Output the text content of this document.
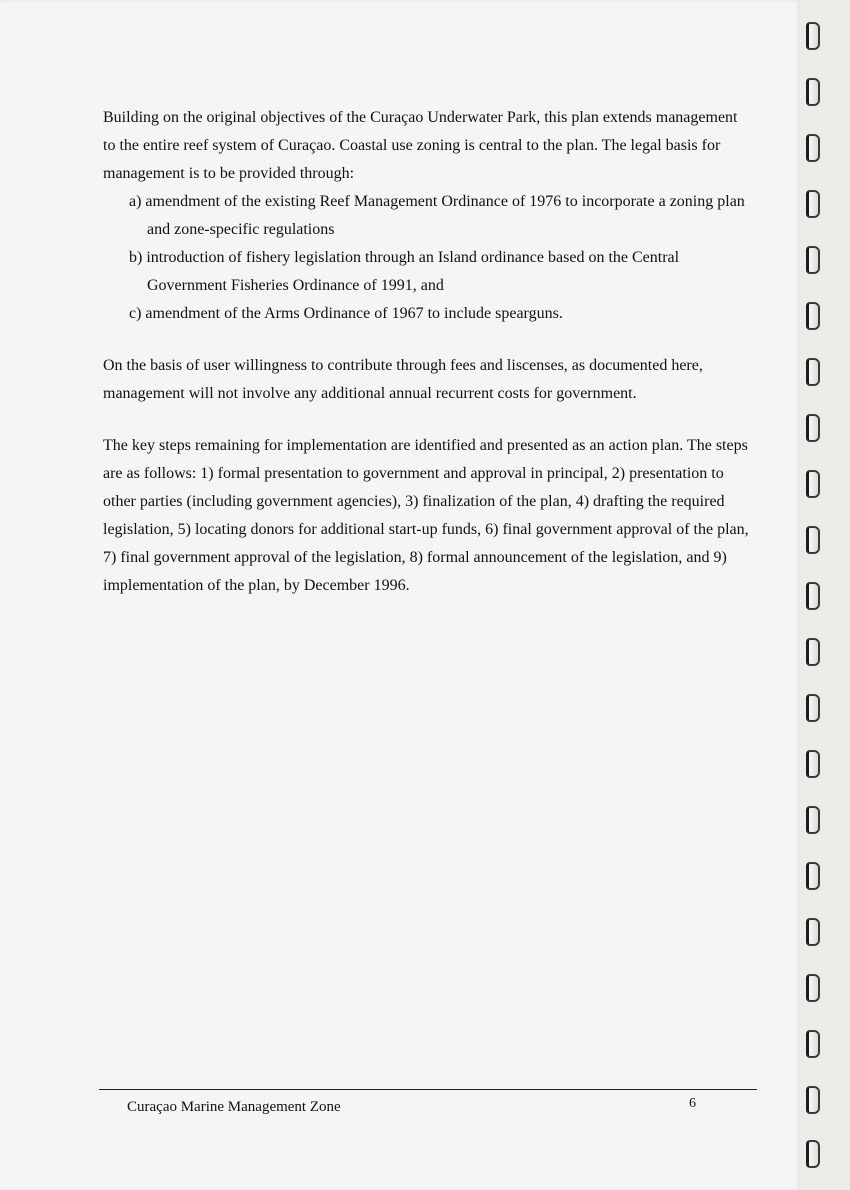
Building on the original objectives of the Curaçao Underwater Park, this plan extends management to the entire reef system of Curaçao. Coastal use zoning is central to the plan. The legal basis for management is to be provided through:

a) amendment of the existing Reef Management Ordinance of 1976 to incorporate a zoning plan and zone-specific regulations
b) introduction of fishery legislation through an Island ordinance based on the Central Government Fisheries Ordinance of 1991, and
c) amendment of the Arms Ordinance of 1967 to include spearguns.

On the basis of user willingness to contribute through fees and liscenses, as documented here, management will not involve any additional annual recurrent costs for government.

The key steps remaining for implementation are identified and presented as an action plan. The steps are as follows: 1) formal presentation to government and approval in principal, 2) presentation to other parties (including government agencies), 3) finalization of the plan, 4) drafting the required legislation, 5) locating donors for additional start-up funds, 6) final government approval of the plan, 7) final government approval of the legislation, 8) formal announcement of the legislation, and 9) implementation of the plan, by December 1996.

Curaçao Marine Management Zone	6
